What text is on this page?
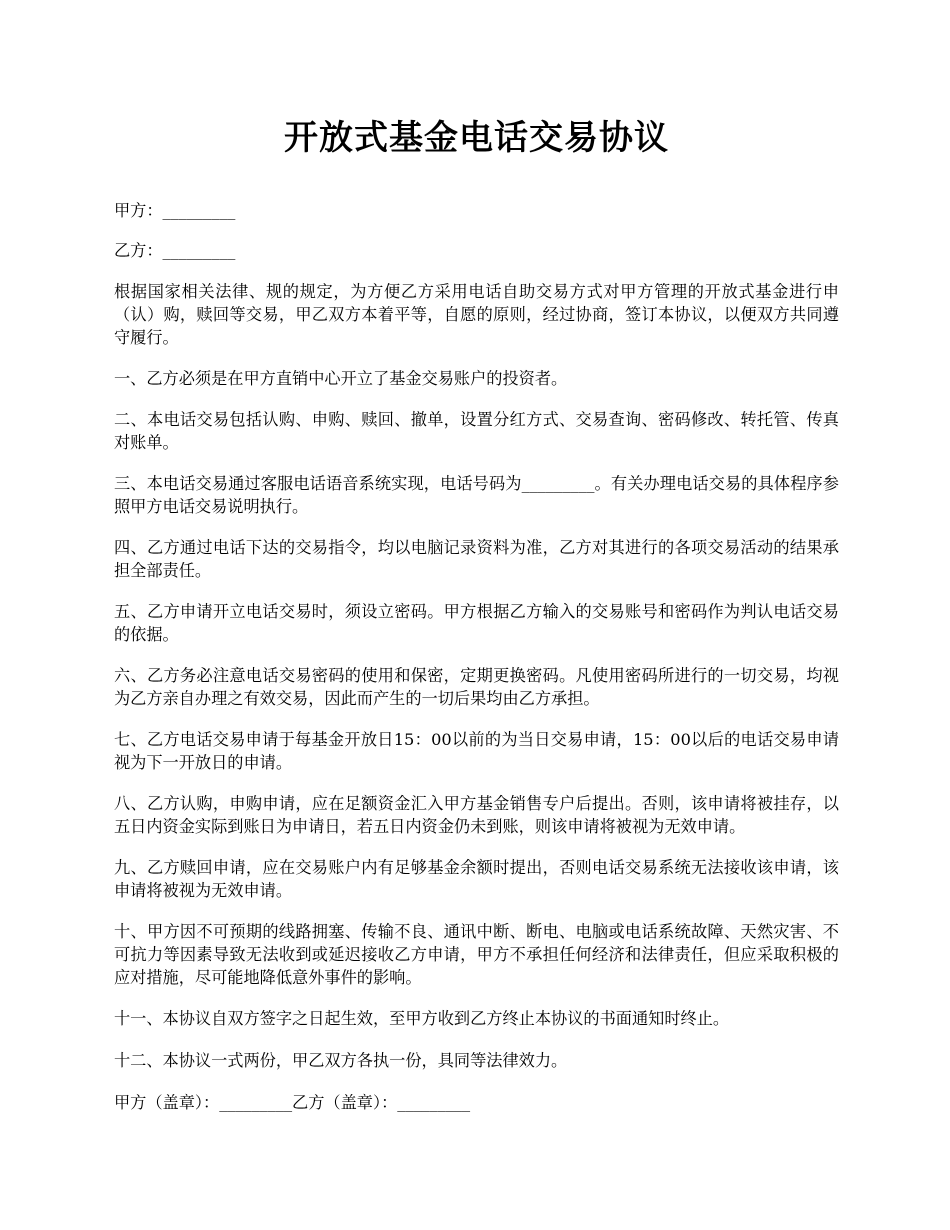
开放式基金电话交易协议

甲方：_________

乙方：_________

根据国家相关法律、规的规定，为方便乙方采用电话自助交易方式对甲方管理的开放式基金进行申（认）购，赎回等交易，甲乙双方本着平等，自愿的原则，经过协商，签订本协议，以便双方共同遵守履行。

一、乙方必须是在甲方直销中心开立了基金交易账户的投资者。

二、本电话交易包括认购、申购、赎回、撤单，设置分红方式、交易查询、密码修改、转托管、传真对账单。

三、本电话交易通过客服电话语音系统实现，电话号码为_________。有关办理电话交易的具体程序参照甲方电话交易说明执行。

四、乙方通过电话下达的交易指令，均以电脑记录资料为准，乙方对其进行的各项交易活动的结果承担全部责任。

五、乙方申请开立电话交易时，须设立密码。甲方根据乙方输入的交易账号和密码作为判认电话交易的依据。

六、乙方务必注意电话交易密码的使用和保密，定期更换密码。凡使用密码所进行的一切交易，均视为乙方亲自办理之有效交易，因此而产生的一切后果均由乙方承担。

七、乙方电话交易申请于每基金开放日15：00以前的为当日交易申请，15：00以后的电话交易申请视为下一开放日的申请。

八、乙方认购，申购申请，应在足额资金汇入甲方基金销售专户后提出。否则，该申请将被挂存，以五日内资金实际到账日为申请日，若五日内资金仍未到账，则该申请将被视为无效申请。

九、乙方赎回申请，应在交易账户内有足够基金余额时提出，否则电话交易系统无法接收该申请，该申请将被视为无效申请。

十、甲方因不可预期的线路拥塞、传输不良、通讯中断、断电、电脑或电话系统故障、天然灾害、不可抗力等因素导致无法收到或延迟接收乙方申请，甲方不承担任何经济和法律责任，但应采取积极的应对措施，尽可能地降低意外事件的影响。

十一、本协议自双方签字之日起生效，至甲方收到乙方终止本协议的书面通知时终止。

十二、本协议一式两份，甲乙双方各执一份，具同等法律效力。

甲方（盖章）：_________乙方（盖章）：_________
